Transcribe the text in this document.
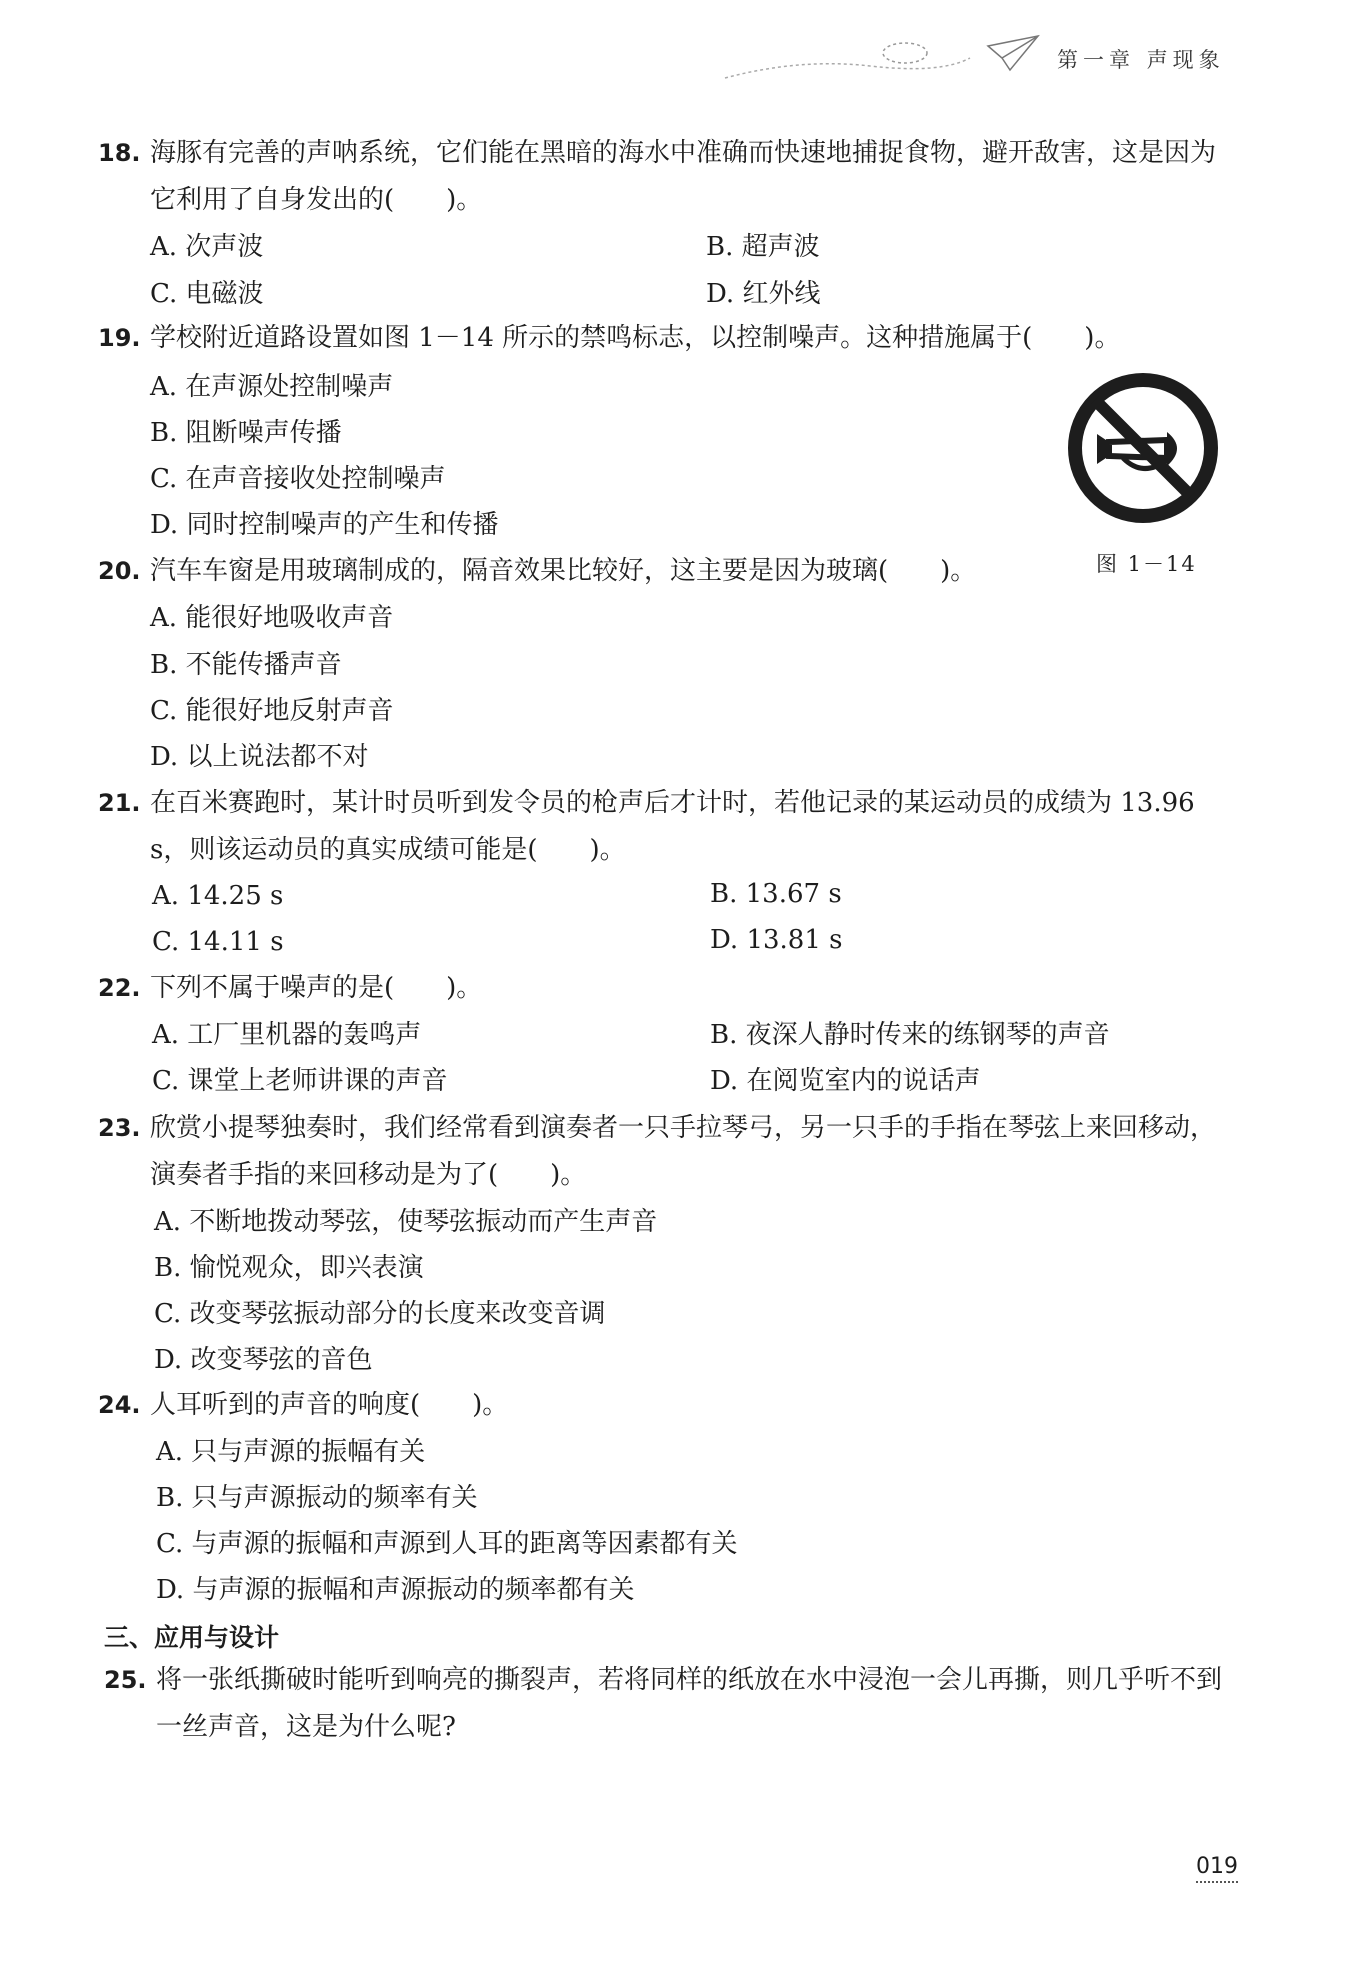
第一章 声现象
18. 海豚有完善的声呐系统，它们能在黑暗的海水中准确而快速地捕捉食物，避开敌害，这是因为它利用了自身发出的(　　)。
A. 次声波	B. 超声波
C. 电磁波	D. 红外线
19. 学校附近道路设置如图 1－14 所示的禁鸣标志，以控制噪声。这种措施属于(　　)。
A. 在声源处控制噪声
B. 阻断噪声传播
C. 在声音接收处控制噪声
D. 同时控制噪声的产生和传播
图 1－14
20. 汽车车窗是用玻璃制成的，隔音效果比较好，这主要是因为玻璃(　　)。
A. 能很好地吸收声音
B. 不能传播声音
C. 能很好地反射声音
D. 以上说法都不对
21. 在百米赛跑时，某计时员听到发令员的枪声后才计时，若他记录的某运动员的成绩为 13.96 s，则该运动员的真实成绩可能是(　　)。
A. 14.25 s	B. 13.67 s
C. 14.11 s	D. 13.81 s
22. 下列不属于噪声的是(　　)。
A. 工厂里机器的轰鸣声	B. 夜深人静时传来的练钢琴的声音
C. 课堂上老师讲课的声音	D. 在阅览室内的说话声
23. 欣赏小提琴独奏时，我们经常看到演奏者一只手拉琴弓，另一只手的手指在琴弦上来回移动，演奏者手指的来回移动是为了(　　)。
A. 不断地拨动琴弦，使琴弦振动而产生声音
B. 愉悦观众，即兴表演
C. 改变琴弦振动部分的长度来改变音调
D. 改变琴弦的音色
24. 人耳听到的声音的响度(　　)。
A. 只与声源的振幅有关
B. 只与声源振动的频率有关
C. 与声源的振幅和声源到人耳的距离等因素都有关
D. 与声源的振幅和声源振动的频率都有关
三、应用与设计
25. 将一张纸撕破时能听到响亮的撕裂声，若将同样的纸放在水中浸泡一会儿再撕，则几乎听不到一丝声音，这是为什么呢?
019
